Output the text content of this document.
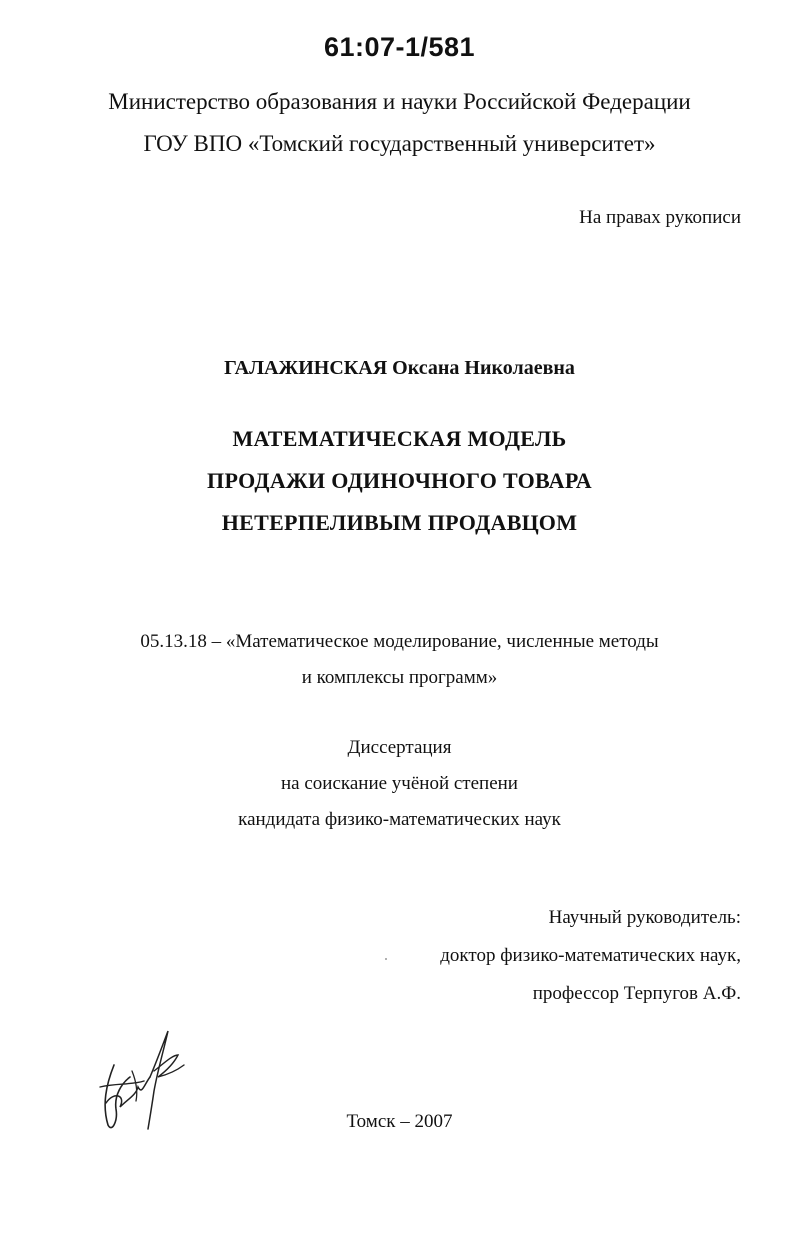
61:07-1/581
Министерство образования и науки Российской Федерации
ГОУ ВПО «Томский государственный университет»
На правах рукописи
ГАЛАЖИНСКАЯ Оксана Николаевна
МАТЕМАТИЧЕСКАЯ МОДЕЛЬ
ПРОДАЖИ ОДИНОЧНОГО ТОВАРА
НЕТЕРПЕЛИВЫМ ПРОДАВЦОМ
05.13.18 – «Математическое моделирование, численные методы
и комплексы программ»
Диссертация
на соискание учёной степени
кандидата физико-математических наук
Научный руководитель:
доктор физико-математических наук,
профессор Терпугов А.Ф.
Томск – 2007
